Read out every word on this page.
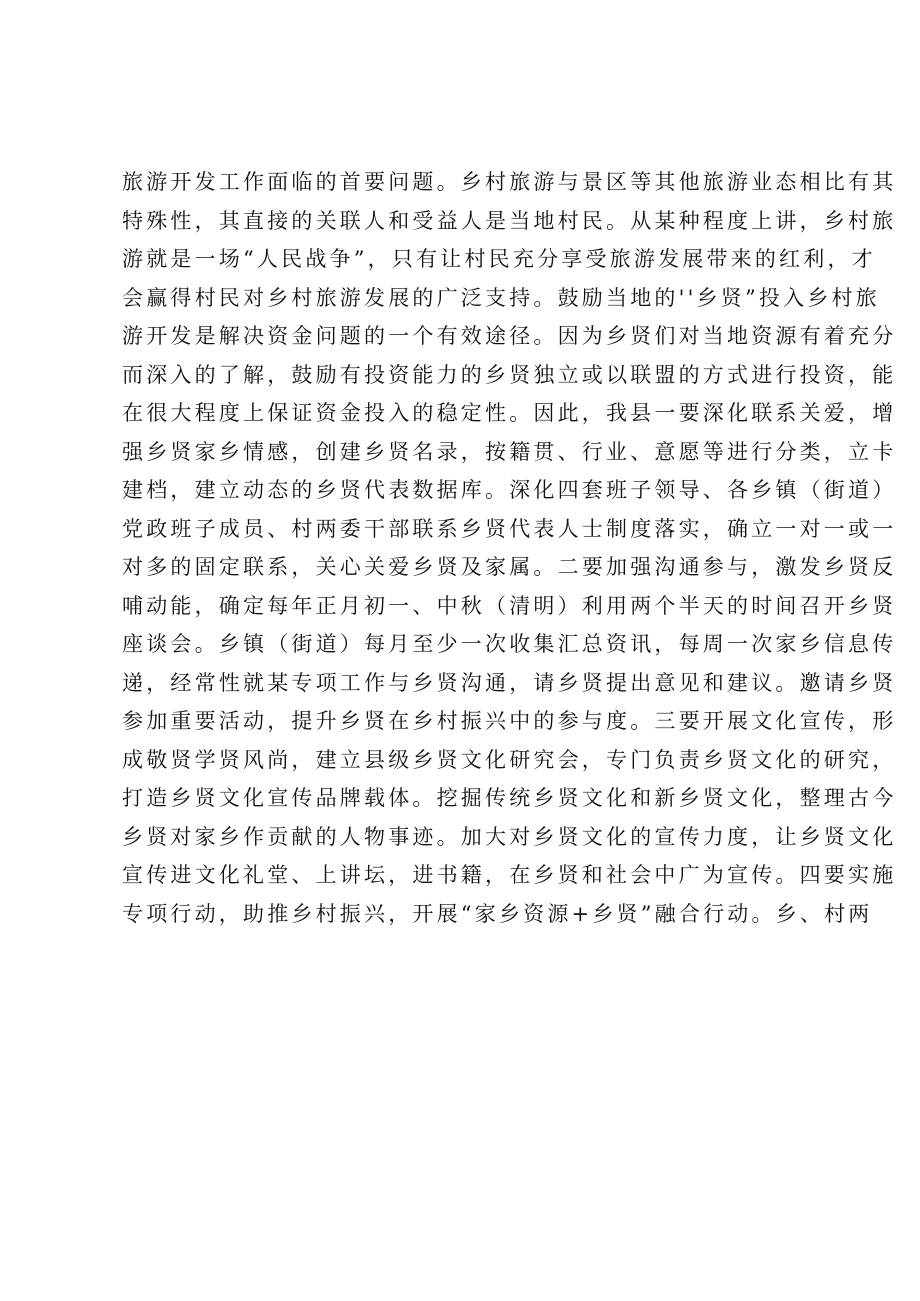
旅游开发工作面临的首要问题。乡村旅游与景区等其他旅游业态相比有其
特殊性，其直接的关联人和受益人是当地村民。从某种程度上讲，乡村旅
游就是一场“人民战争”，只有让村民充分享受旅游发展带来的红利，才
会赢得村民对乡村旅游发展的广泛支持。鼓励当地的''乡贤”投入乡村旅
游开发是解决资金问题的一个有效途径。因为乡贤们对当地资源有着充分
而深入的了解，鼓励有投资能力的乡贤独立或以联盟的方式进行投资，能
在很大程度上保证资金投入的稳定性。因此，我县一要深化联系关爱，增
强乡贤家乡情感，创建乡贤名录，按籍贯、行业、意愿等进行分类，立卡
建档，建立动态的乡贤代表数据库。深化四套班子领导、各乡镇（街道）
党政班子成员、村两委干部联系乡贤代表人士制度落实，确立一对一或一
对多的固定联系，关心关爱乡贤及家属。二要加强沟通参与，激发乡贤反
哺动能，确定每年正月初一、中秋（清明）利用两个半天的时间召开乡贤
座谈会。乡镇（街道）每月至少一次收集汇总资讯，每周一次家乡信息传
递，经常性就某专项工作与乡贤沟通，请乡贤提出意见和建议。邀请乡贤
参加重要活动，提升乡贤在乡村振兴中的参与度。三要开展文化宣传，形
成敬贤学贤风尚，建立县级乡贤文化研究会，专门负责乡贤文化的研究，
打造乡贤文化宣传品牌载体。挖掘传统乡贤文化和新乡贤文化，整理古今
乡贤对家乡作贡献的人物事迹。加大对乡贤文化的宣传力度，让乡贤文化
宣传进文化礼堂、上讲坛，进书籍，在乡贤和社会中广为宣传。四要实施
专项行动，助推乡村振兴，开展“家乡资源+乡贤”融合行动。乡、村两
